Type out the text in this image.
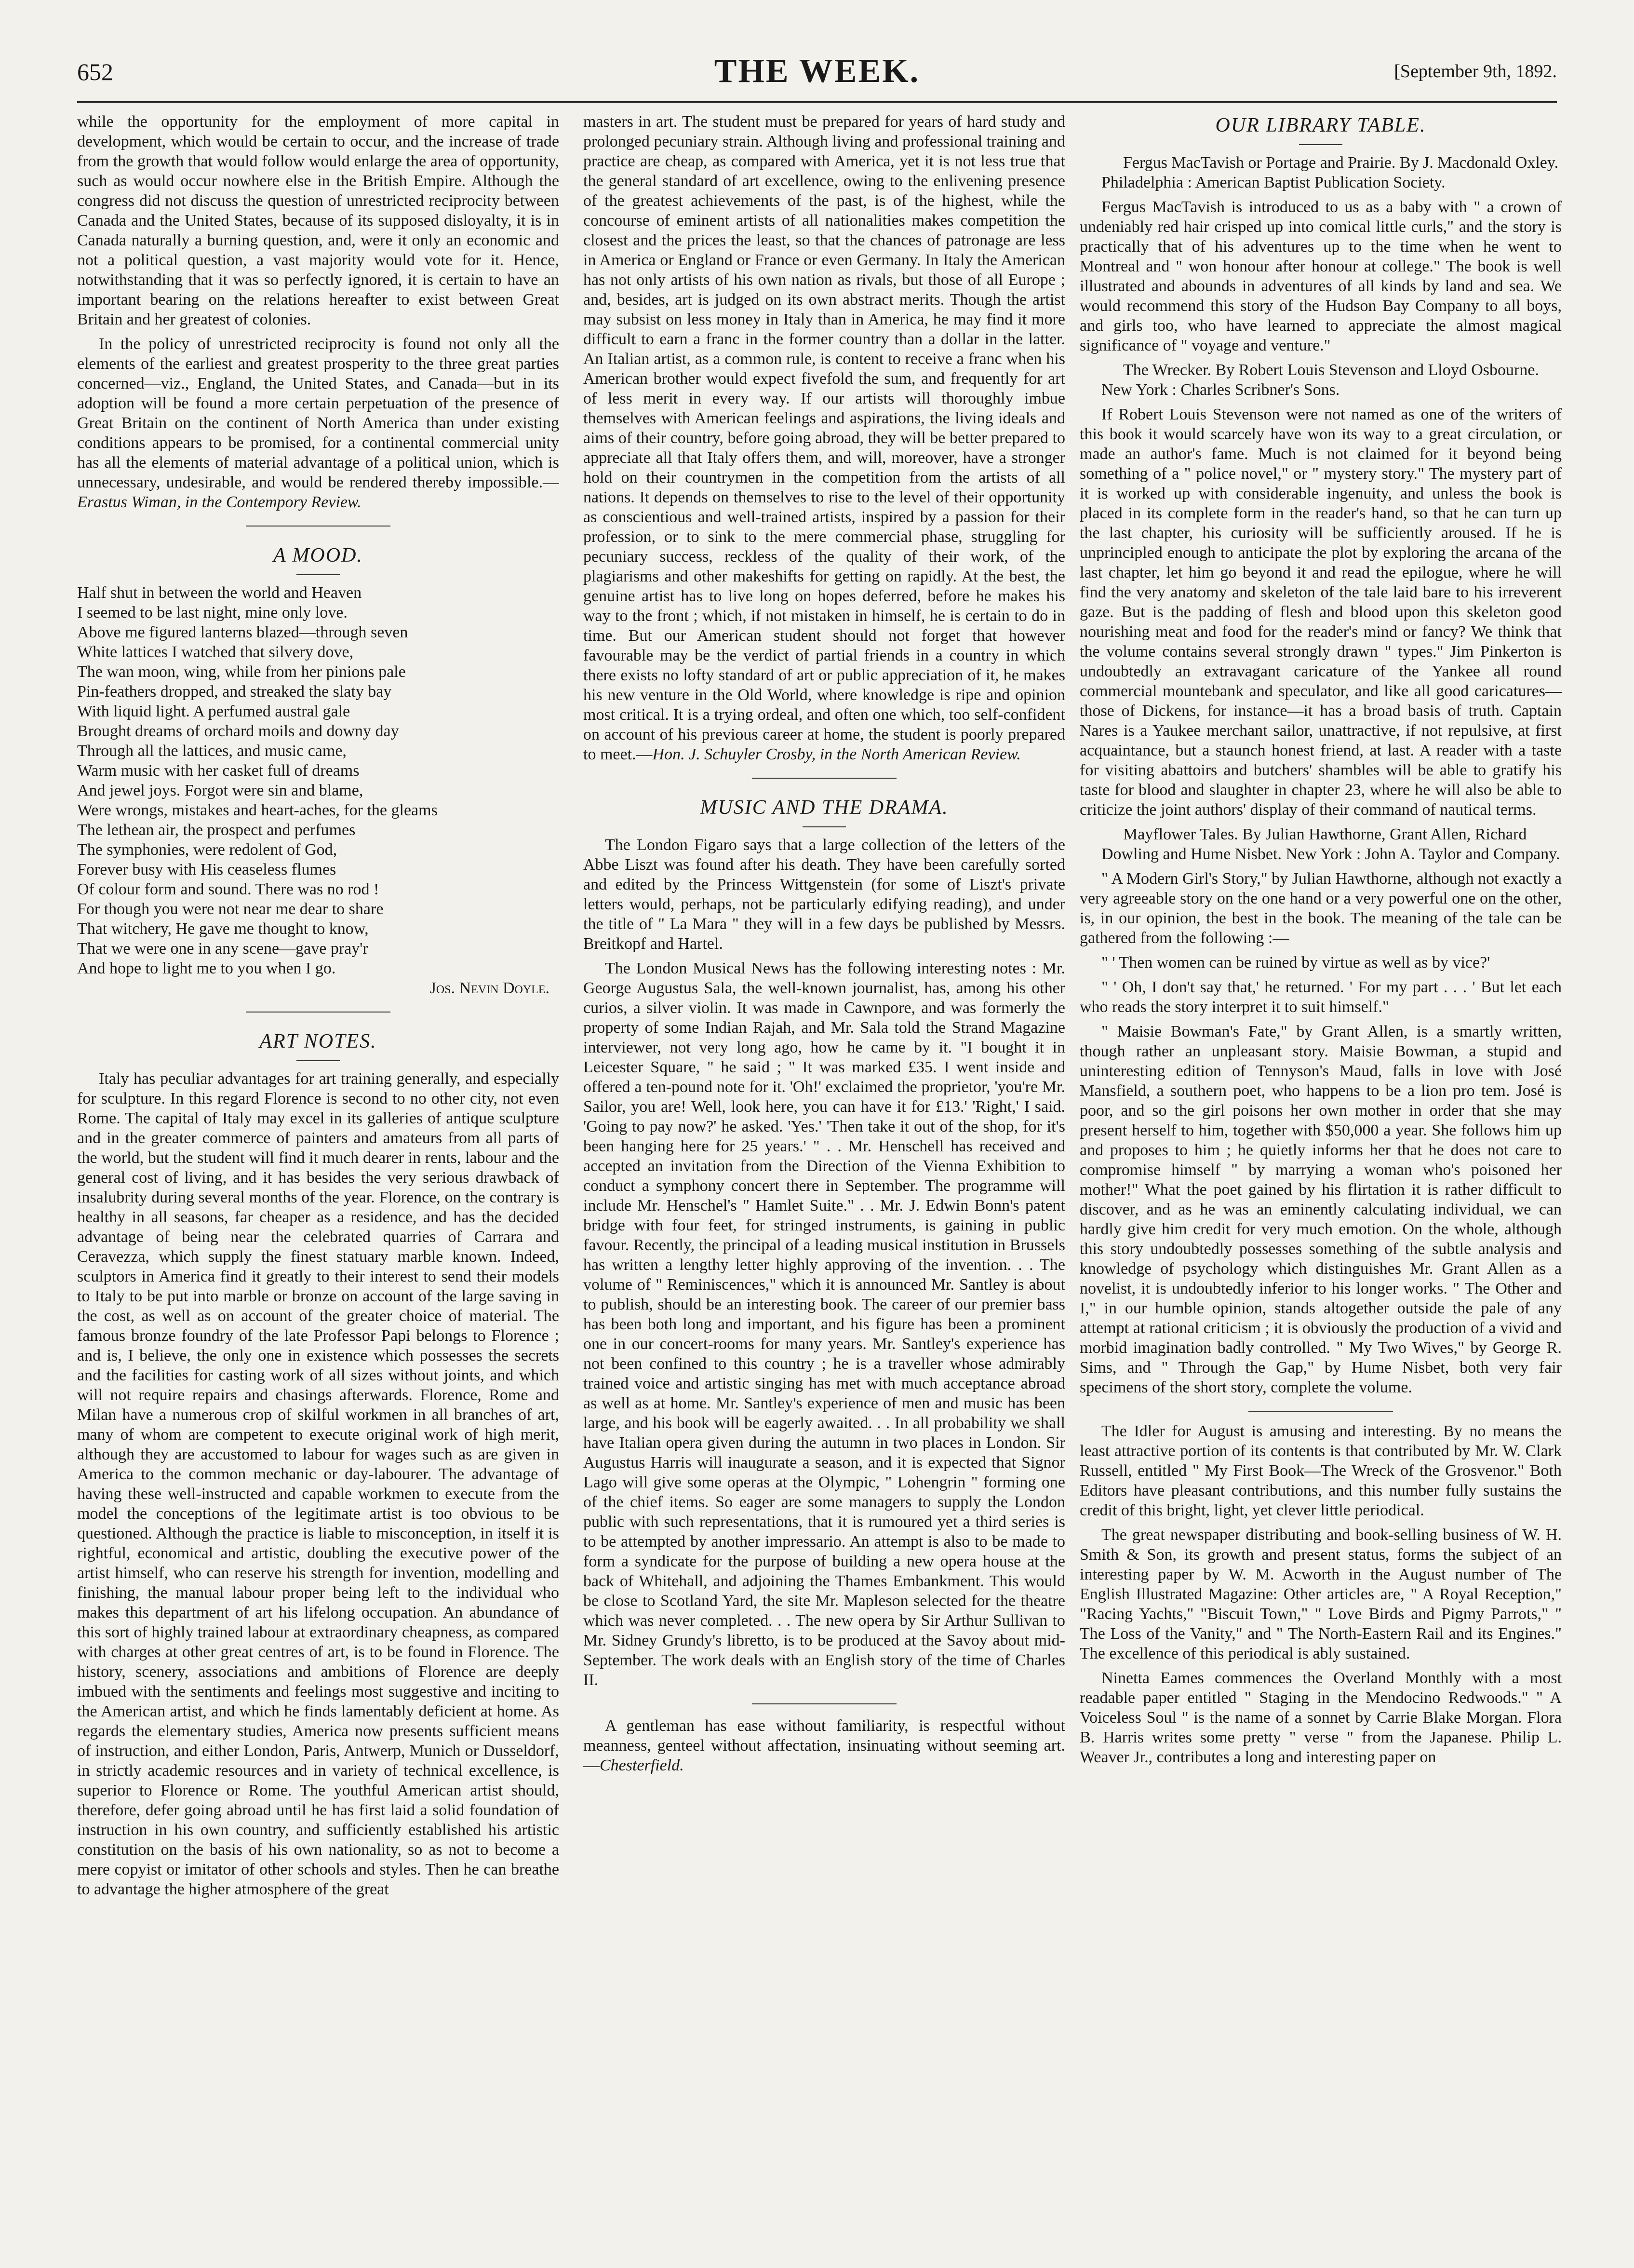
652	THE WEEK.	[September 9th, 1892.

while the opportunity for the employment of more capital in development, which would be certain to occur, and the increase of trade from the growth that would follow would enlarge the area of opportunity, such as would occur nowhere else in the British Empire. Although the congress did not discuss the question of unrestricted reciprocity between Canada and the United States, because of its supposed disloyalty, it is in Canada naturally a burning question, and, were it only an economic and not a political question, a vast majority would vote for it. Hence, notwithstanding that it was so perfectly ignored, it is certain to have an important bearing on the relations hereafter to exist between Great Britain and her greatest of colonies.

In the policy of unrestricted reciprocity is found not only all the elements of the earliest and greatest prosperity to the three great parties concerned—viz., England, the United States, and Canada—but in its adoption will be found a more certain perpetuation of the presence of Great Britain on the continent of North America than under existing conditions appears to be promised, for a continental commercial unity has all the elements of material advantage of a political union, which is unnecessary, undesirable, and would be rendered thereby impossible.— Erastus Wiman, in the Contempory Review.

A MOOD.
Half shut in between the world and Heaven
I seemed to be last night, mine only love.
Above me figured lanterns blazed—through seven
White lattices I watched that silvery dove,
The wan moon, wing, while from her pinions pale
Pin-feathers dropped, and streaked the slaty bay
With liquid light. A perfumed austral gale
Brought dreams of orchard moils and downy day
Through all the lattices, and music came,
Warm music with her casket full of dreams
And jewel joys. Forgot were sin and blame,
Were wrongs, mistakes and heart-aches, for the gleams
The lethean air, the prospect and perfumes
The symphonies, were redolent of God,
Forever busy with His ceaseless flumes
Of colour form and sound. There was no rod !
For though you were not near me dear to share
That witchery, He gave me thought to know,
That we were one in any scene—gave pray'r
And hope to light me to you when I go.
Jos. Nevin Doyle.
ART NOTES.

Italy has peculiar advantages for art training generally, and especially for sculpture. In this regard Florence is second to no other city, not even Rome. The capital of Italy may excel in its galleries of antique sculpture and in the greater commerce of painters and amateurs from all parts of the world, but the student will find it much dearer in rents, labour and the general cost of living, and it has besides the very serious drawback of insalubrity during several months of the year. Florence, on the contrary is healthy in all seasons, far cheaper as a residence, and has the decided advantage of being near the celebrated quarries of Carrara and Ceravezza, which supply the finest statuary marble known. Indeed, sculptors in America find it greatly to their interest to send their models to Italy to be put into marble or bronze on account of the large saving in the cost, as well as on account of the greater choice of material. The famous bronze foundry of the late Professor Papi belongs to Florence ; and is, I believe, the only one in existence which possesses the secrets and the facilities for casting work of all sizes without joints, and which will not require repairs and chasings afterwards. Florence, Rome and Milan have a numerous crop of skilful workmen in all branches of art, many of whom are competent to execute original work of high merit, although they are accustomed to labour for wages such as are given in America to the common mechanic or day-labourer. The advantage of having these well-instructed and capable workmen to execute from the model the conceptions of the legitimate artist is too obvious to be questioned. Although the practice is liable to misconception, in itself it is rightful, economical and artistic, doubling the executive power of the artist himself, who can reserve his strength for invention, modelling and finishing, the manual labour proper being left to the individual who makes this department of art his lifelong occupation. An abundance of this sort of highly trained labour at extraordinary cheapness, as compared with charges at other great centres of art, is to be found in Florence. The history, scenery, associations and ambitions of Florence are deeply imbued with the sentiments and feelings most suggestive and inciting to the American artist, and which he finds lamentably deficient at home. As regards the elementary studies, America now presents sufficient means of instruction, and either London, Paris, Antwerp, Munich or Dusseldorf, in strictly academic resources and in variety of technical excellence, is superior to Florence or Rome. The youthful American artist should, therefore, defer going abroad until he has first laid a solid foundation of instruction in his own country, and sufficiently established his artistic constitution on the basis of his own nationality, so as not to become a mere copyist or imitator of other schools and styles. Then he can breathe to advantage the higher atmosphere of the great

masters in art. The student must be prepared for years of hard study and prolonged pecuniary strain. Although living and professional training and practice are cheap, as compared with America, yet it is not less true that the general standard of art excellence, owing to the enlivening presence of the greatest achievements of the past, is of the highest, while the concourse of eminent artists of all nationalities makes competition the closest and the prices the least, so that the chances of patronage are less in America or England or France or even Germany. In Italy the American has not only artists of his own nation as rivals, but those of all Europe ; and, besides, art is judged on its own abstract merits. Though the artist may subsist on less money in Italy than in America, he may find it more difficult to earn a franc in the former country than a dollar in the latter. An Italian artist, as a common rule, is content to receive a franc when his American brother would expect fivefold the sum, and frequently for art of less merit in every way. If our artists will thoroughly imbue themselves with American feelings and aspirations, the living ideals and aims of their country, before going abroad, they will be better prepared to appreciate all that Italy offers them, and will, moreover, have a stronger hold on their countrymen in the competition from the artists of all nations. It depends on themselves to rise to the level of their opportunity as conscientious and well-trained artists, inspired by a passion for their profession, or to sink to the mere commercial phase, struggling for pecuniary success, reckless of the quality of their work, of the plagiarisms and other makeshifts for getting on rapidly. At the best, the genuine artist has to live long on hopes deferred, before he makes his way to the front ; which, if not mistaken in himself, he is certain to do in time. But our American student should not forget that however favourable may be the verdict of partial friends in a country in which there exists no lofty standard of art or public appreciation of it, he makes his new venture in the Old World, where knowledge is ripe and opinion most critical. It is a trying ordeal, and often one which, too self-confident on account of his previous career at home, the student is poorly prepared to meet.—Hon. J. Schuyler Crosby, in the North American Review.

MUSIC AND THE DRAMA.

The London Figaro says that a large collection of the letters of the Abbe Liszt was found after his death. They have been carefully sorted and edited by the Princess Wittgenstein (for some of Liszt's private letters would, perhaps, not be particularly edifying reading), and under the title of " La Mara " they will in a few days be published by Messrs. Breitkopf and Hartel.

The London Musical News has the following interesting notes : Mr. George Augustus Sala, the well-known journalist, has, among his other curios, a silver violin. It was made in Cawnpore, and was formerly the property of some Indian Rajah, and Mr. Sala told the Strand Magazine interviewer, not very long ago, how he came by it. "I bought it in Leicester Square, " he said ; " It was marked £35. I went inside and offered a ten-pound note for it. 'Oh!' exclaimed the proprietor, 'you're Mr. Sailor, you are! Well, look here, you can have it for £13.' 'Right,' I said. 'Going to pay now?' he asked. 'Yes.' 'Then take it out of the shop, for it's been hanging here for 25 years.' " . . Mr. Henschell has received and accepted an invitation from the Direction of the Vienna Exhibition to conduct a symphony concert there in September. The programme will include Mr. Henschel's " Hamlet Suite." . . Mr. J. Edwin Bonn's patent bridge with four feet, for stringed instruments, is gaining in public favour. Recently, the principal of a leading musical institution in Brussels has written a lengthy letter highly approving of the invention. . . The volume of " Reminiscences," which it is announced Mr. Santley is about to publish, should be an interesting book. The career of our premier bass has been both long and important, and his figure has been a prominent one in our concert-rooms for many years. Mr. Santley's experience has not been confined to this country ; he is a traveller whose admirably trained voice and artistic singing has met with much acceptance abroad as well as at home. Mr. Santley's experience of men and music has been large, and his book will be eagerly awaited. . . In all probability we shall have Italian opera given during the autumn in two places in London. Sir Augustus Harris will inaugurate a season, and it is expected that Signor Lago will give some operas at the Olympic, " Lohengrin " forming one of the chief items. So eager are some managers to supply the London public with such representations, that it is rumoured yet a third series is to be attempted by another impressario. An attempt is also to be made to form a syndicate for the purpose of building a new opera house at the back of Whitehall, and adjoining the Thames Embankment. This would be close to Scotland Yard, the site Mr. Mapleson selected for the theatre which was never completed. . . The new opera by Sir Arthur Sullivan to Mr. Sidney Grundy's libretto, is to be produced at the Savoy about mid-September. The work deals with an English story of the time of Charles II.

A gentleman has ease without familiarity, is respectful without meanness, genteel without affectation, insinuating without seeming art.—Chesterfield.

OUR LIBRARY TABLE.

Fergus MacTavish or Portage and Prairie. By J. Macdonald Oxley. Philadelphia : American Baptist Publication Society.

Fergus MacTavish is introduced to us as a baby with " a crown of undeniably red hair crisped up into comical little curls," and the story is practically that of his adventures up to the time when he went to Montreal and " won honour after honour at college." The book is well illustrated and abounds in adventures of all kinds by land and sea. We would recommend this story of the Hudson Bay Company to all boys, and girls too, who have learned to appreciate the almost magical significance of " voyage and venture."

The Wrecker. By Robert Louis Stevenson and Lloyd Osbourne. New York : Charles Scribner's Sons.

If Robert Louis Stevenson were not named as one of the writers of this book it would scarcely have won its way to a great circulation, or made an author's fame. Much is not claimed for it beyond being something of a " police novel," or " mystery story." The mystery part of it is worked up with considerable ingenuity, and unless the book is placed in its complete form in the reader's hand, so that he can turn up the last chapter, his curiosity will be sufficiently aroused. If he is unprincipled enough to anticipate the plot by exploring the arcana of the last chapter, let him go beyond it and read the epilogue, where he will find the very anatomy and skeleton of the tale laid bare to his irreverent gaze. But is the padding of flesh and blood upon this skeleton good nourishing meat and food for the reader's mind or fancy? We think that the volume contains several strongly drawn " types." Jim Pinkerton is undoubtedly an extravagant caricature of the Yankee all round commercial mountebank and speculator, and like all good caricatures—those of Dickens, for instance—it has a broad basis of truth. Captain Nares is a Yaukee merchant sailor, unattractive, if not repulsive, at first acquaintance, but a staunch honest friend, at last. A reader with a taste for visiting abattoirs and butchers' shambles will be able to gratify his taste for blood and slaughter in chapter 23, where he will also be able to criticize the joint authors' display of their command of nautical terms.

Mayflower Tales. By Julian Hawthorne, Grant Allen, Richard Dowling and Hume Nisbet. New York : John A. Taylor and Company.

" A Modern Girl's Story," by Julian Hawthorne, although not exactly a very agreeable story on the one hand or a very powerful one on the other, is, in our opinion, the best in the book. The meaning of the tale can be gathered from the following :—

" ' Then women can be ruined by virtue as well as by vice?'

" ' Oh, I don't say that,' he returned. ' For my part . . . ' But let each who reads the story interpret it to suit himself."

" Maisie Bowman's Fate," by Grant Allen, is a smartly written, though rather an unpleasant story. Maisie Bowman, a stupid and uninteresting edition of Tennyson's Maud, falls in love with José Mansfield, a southern poet, who happens to be a lion pro tem. José is poor, and so the girl poisons her own mother in order that she may present herself to him, together with $50,000 a year. She follows him up and proposes to him ; he quietly informs her that he does not care to compromise himself " by marrying a woman who's poisoned her mother!" What the poet gained by his flirtation it is rather difficult to discover, and as he was an eminently calculating individual, we can hardly give him credit for very much emotion. On the whole, although this story undoubtedly possesses something of the subtle analysis and knowledge of psychology which distinguishes Mr. Grant Allen as a novelist, it is undoubtedly inferior to his longer works. " The Other and I," in our humble opinion, stands altogether outside the pale of any attempt at rational criticism ; it is obviously the production of a vivid and morbid imagination badly controlled. " My Two Wives," by George R. Sims, and " Through the Gap," by Hume Nisbet, both very fair specimens of the short story, complete the volume.

The Idler for August is amusing and interesting. By no means the least attractive portion of its contents is that contributed by Mr. W. Clark Russell, entitled " My First Book—The Wreck of the Grosvenor." Both Editors have pleasant contributions, and this number fully sustains the credit of this bright, light, yet clever little periodical.

The great newspaper distributing and book-selling business of W. H. Smith & Son, its growth and present status, forms the subject of an interesting paper by W. M. Acworth in the August number of The English Illustrated Magazine: Other articles are, " A Royal Reception," "Racing Yachts," "Biscuit Town," " Love Birds and Pigmy Parrots," " The Loss of the Vanity," and " The North-Eastern Rail and its Engines." The excellence of this periodical is ably sustained.

Ninetta Eames commences the Overland Monthly with a most readable paper entitled " Staging in the Mendocino Redwoods." " A Voiceless Soul " is the name of a sonnet by Carrie Blake Morgan. Flora B. Harris writes some pretty " verse " from the Japanese. Philip L. Weaver Jr., contributes a long and interesting paper on
